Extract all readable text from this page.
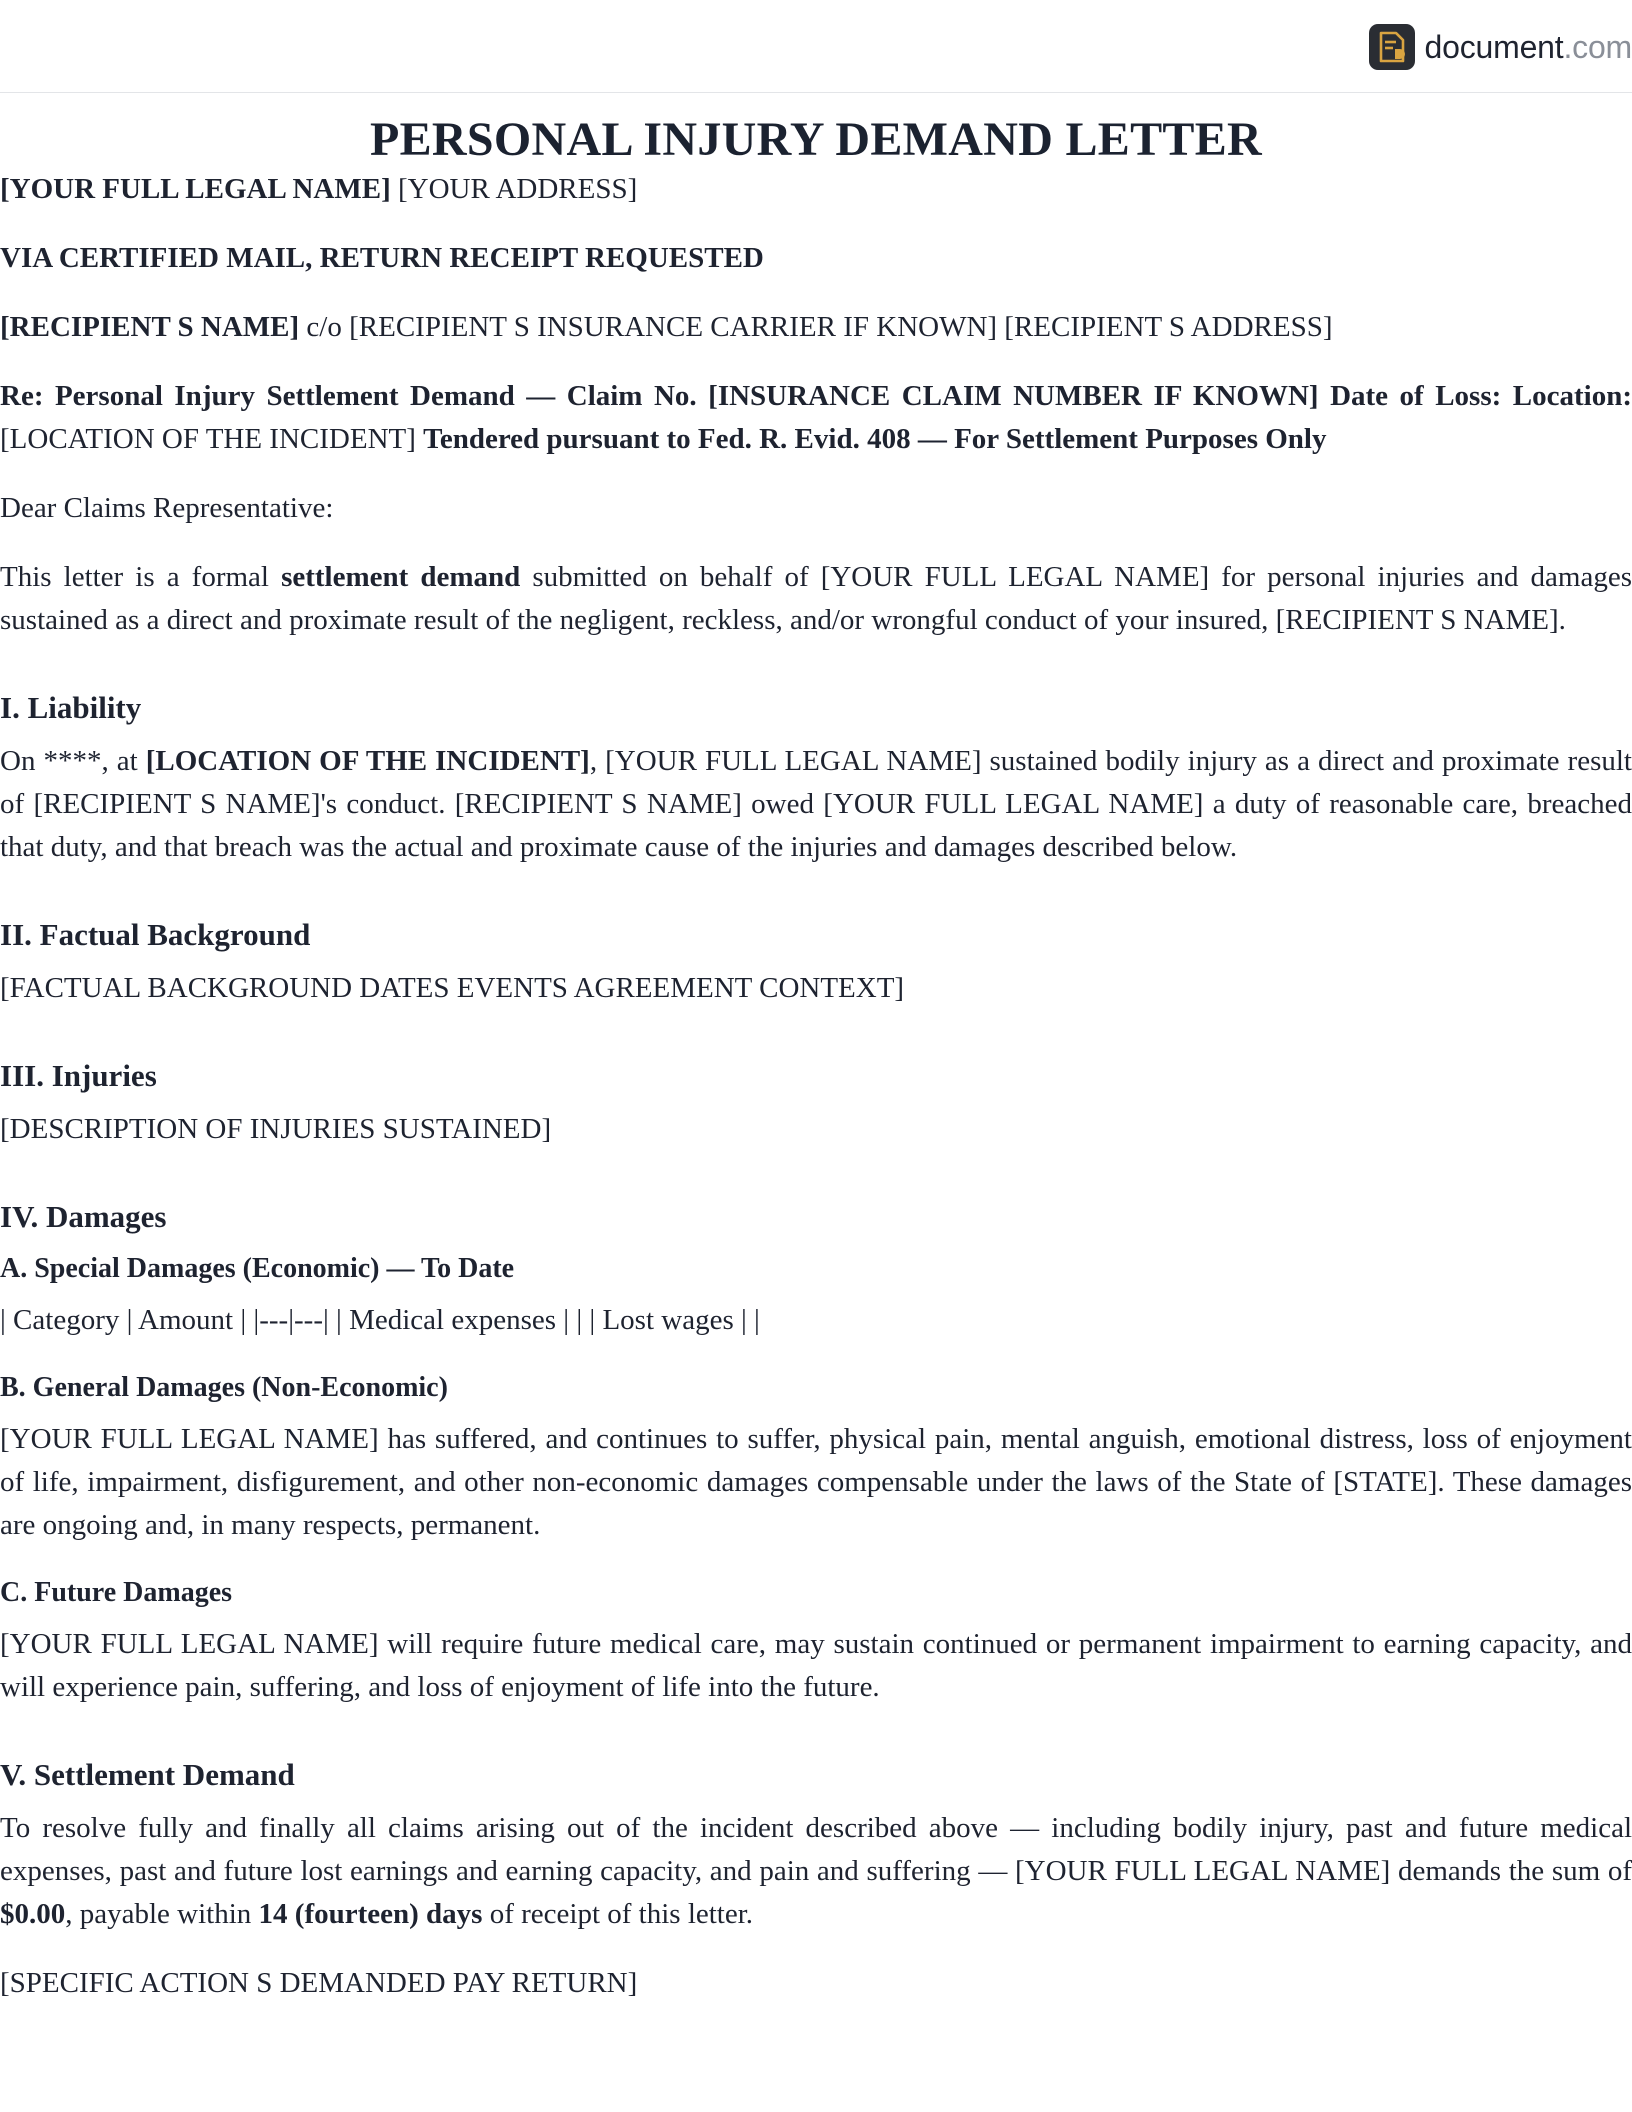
document .com

PERSONAL INJURY DEMAND LETTER

[YOUR FULL LEGAL NAME] [YOUR ADDRESS]

VIA CERTIFIED MAIL, RETURN RECEIPT REQUESTED

[RECIPIENT S NAME] c/o [RECIPIENT S INSURANCE CARRIER IF KNOWN] [RECIPIENT S ADDRESS]

Re: Personal Injury Settlement Demand — Claim No. [INSURANCE CLAIM NUMBER IF KNOWN] Date of Loss: Location: [LOCATION OF THE INCIDENT] Tendered pursuant to Fed. R. Evid. 408 — For Settlement Purposes Only

Dear Claims Representative:

This letter is a formal settlement demand submitted on behalf of [YOUR FULL LEGAL NAME] for personal injuries and damages sustained as a direct and proximate result of the negligent, reckless, and/or wrongful conduct of your insured, [RECIPIENT S NAME].

I. Liability

On ****, at [LOCATION OF THE INCIDENT], [YOUR FULL LEGAL NAME] sustained bodily injury as a direct and proximate result of [RECIPIENT S NAME]'s conduct. [RECIPIENT S NAME] owed [YOUR FULL LEGAL NAME] a duty of reasonable care, breached that duty, and that breach was the actual and proximate cause of the injuries and damages described below.

II. Factual Background

[FACTUAL BACKGROUND DATES EVENTS AGREEMENT CONTEXT]

III. Injuries

[DESCRIPTION OF INJURIES SUSTAINED]

IV. Damages
A. Special Damages (Economic) — To Date

| Category | Amount | |---|---| | Medical expenses | | | Lost wages | |

B. General Damages (Non-Economic)

[YOUR FULL LEGAL NAME] has suffered, and continues to suffer, physical pain, mental anguish, emotional distress, loss of enjoyment of life, impairment, disfigurement, and other non-economic damages compensable under the laws of the State of [STATE]. These damages are ongoing and, in many respects, permanent.

C. Future Damages

[YOUR FULL LEGAL NAME] will require future medical care, may sustain continued or permanent impairment to earning capacity, and will experience pain, suffering, and loss of enjoyment of life into the future.

V. Settlement Demand

To resolve fully and finally all claims arising out of the incident described above — including bodily injury, past and future medical expenses, past and future lost earnings and earning capacity, and pain and suffering — [YOUR FULL LEGAL NAME] demands the sum of $0.00, payable within 14 (fourteen) days of receipt of this letter.

[SPECIFIC ACTION S DEMANDED PAY RETURN]
